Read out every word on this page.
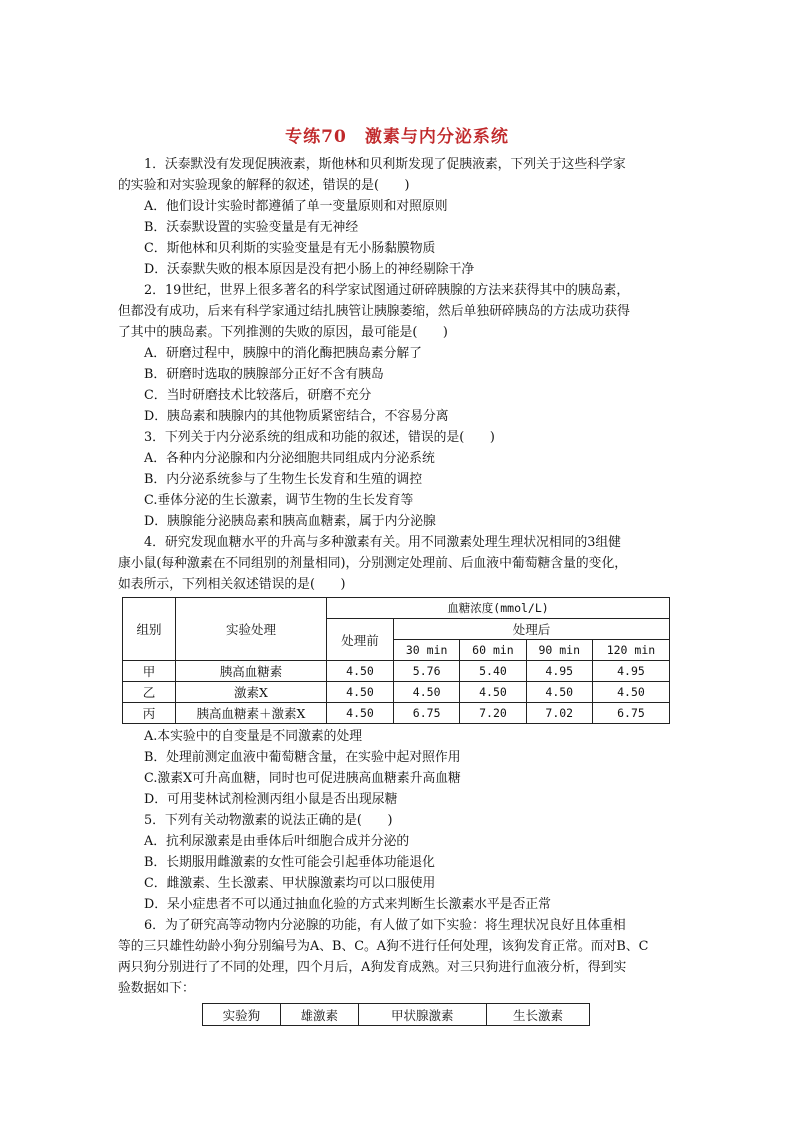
专练70　激素与内分泌系统

1．沃泰默没有发现促胰液素，斯他林和贝利斯发现了促胰液素，下列关于这些科学家

的实验和对实验现象的解释的叙述，错误的是(　　)

A．他们设计实验时都遵循了单一变量原则和对照原则

B．沃泰默设置的实验变量是有无神经

C．斯他林和贝利斯的实验变量是有无小肠黏膜物质

D．沃泰默失败的根本原因是没有把小肠上的神经剔除干净

2．19世纪，世界上很多著名的科学家试图通过研碎胰腺的方法来获得其中的胰岛素，

但都没有成功，后来有科学家通过结扎胰管让胰腺萎缩，然后单独研碎胰岛的方法成功获得

了其中的胰岛素。下列推测的失败的原因，最可能是(　　)

A．研磨过程中，胰腺中的消化酶把胰岛素分解了

B．研磨时选取的胰腺部分正好不含有胰岛

C．当时研磨技术比较落后，研磨不充分

D．胰岛素和胰腺内的其他物质紧密结合，不容易分离

3．下列关于内分泌系统的组成和功能的叙述，错误的是(　　)

A．各种内分泌腺和内分泌细胞共同组成内分泌系统

B．内分泌系统参与了生物生长发育和生殖的调控

C.垂体分泌的生长激素，调节生物的生长发育等

D．胰腺能分泌胰岛素和胰高血糖素，属于内分泌腺

4．研究发现血糖水平的升高与多种激素有关。用不同激素处理生理状况相同的3组健

康小鼠(每种激素在不同组别的剂量相同)，分别测定处理前、后血液中葡萄糖含量的变化，

如表所示，下列相关叙述错误的是(　　)

组别	实验处理	血糖浓度(mmol/L)				
		处理前	处理后			
			30 min	60 min	90 min	120 min
甲	胰高血糖素	4.50	5.76	5.40	4.95	4.95
乙	激素X	4.50	4.50	4.50	4.50	4.50
丙	胰高血糖素＋激素X	4.50	6.75	7.20	7.02	6.75

A.本实验中的自变量是不同激素的处理

B．处理前测定血液中葡萄糖含量，在实验中起对照作用

C.激素X可升高血糖，同时也可促进胰高血糖素升高血糖

D．可用斐林试剂检测丙组小鼠是否出现尿糖

5．下列有关动物激素的说法正确的是(　　)

A．抗利尿激素是由垂体后叶细胞合成并分泌的

B．长期服用雌激素的女性可能会引起垂体功能退化

C．雌激素、生长激素、甲状腺激素均可以口服使用

D．呆小症患者不可以通过抽血化验的方式来判断生长激素水平是否正常

6．为了研究高等动物内分泌腺的功能，有人做了如下实验：将生理状况良好且体重相

等的三只雄性幼龄小狗分别编号为A、B、C。A狗不进行任何处理，该狗发育正常。而对B、C

两只狗分别进行了不同的处理，四个月后，A狗发育成熟。对三只狗进行血液分析，得到实

验数据如下：

实验狗	雄激素	甲状腺激素	生长激素
